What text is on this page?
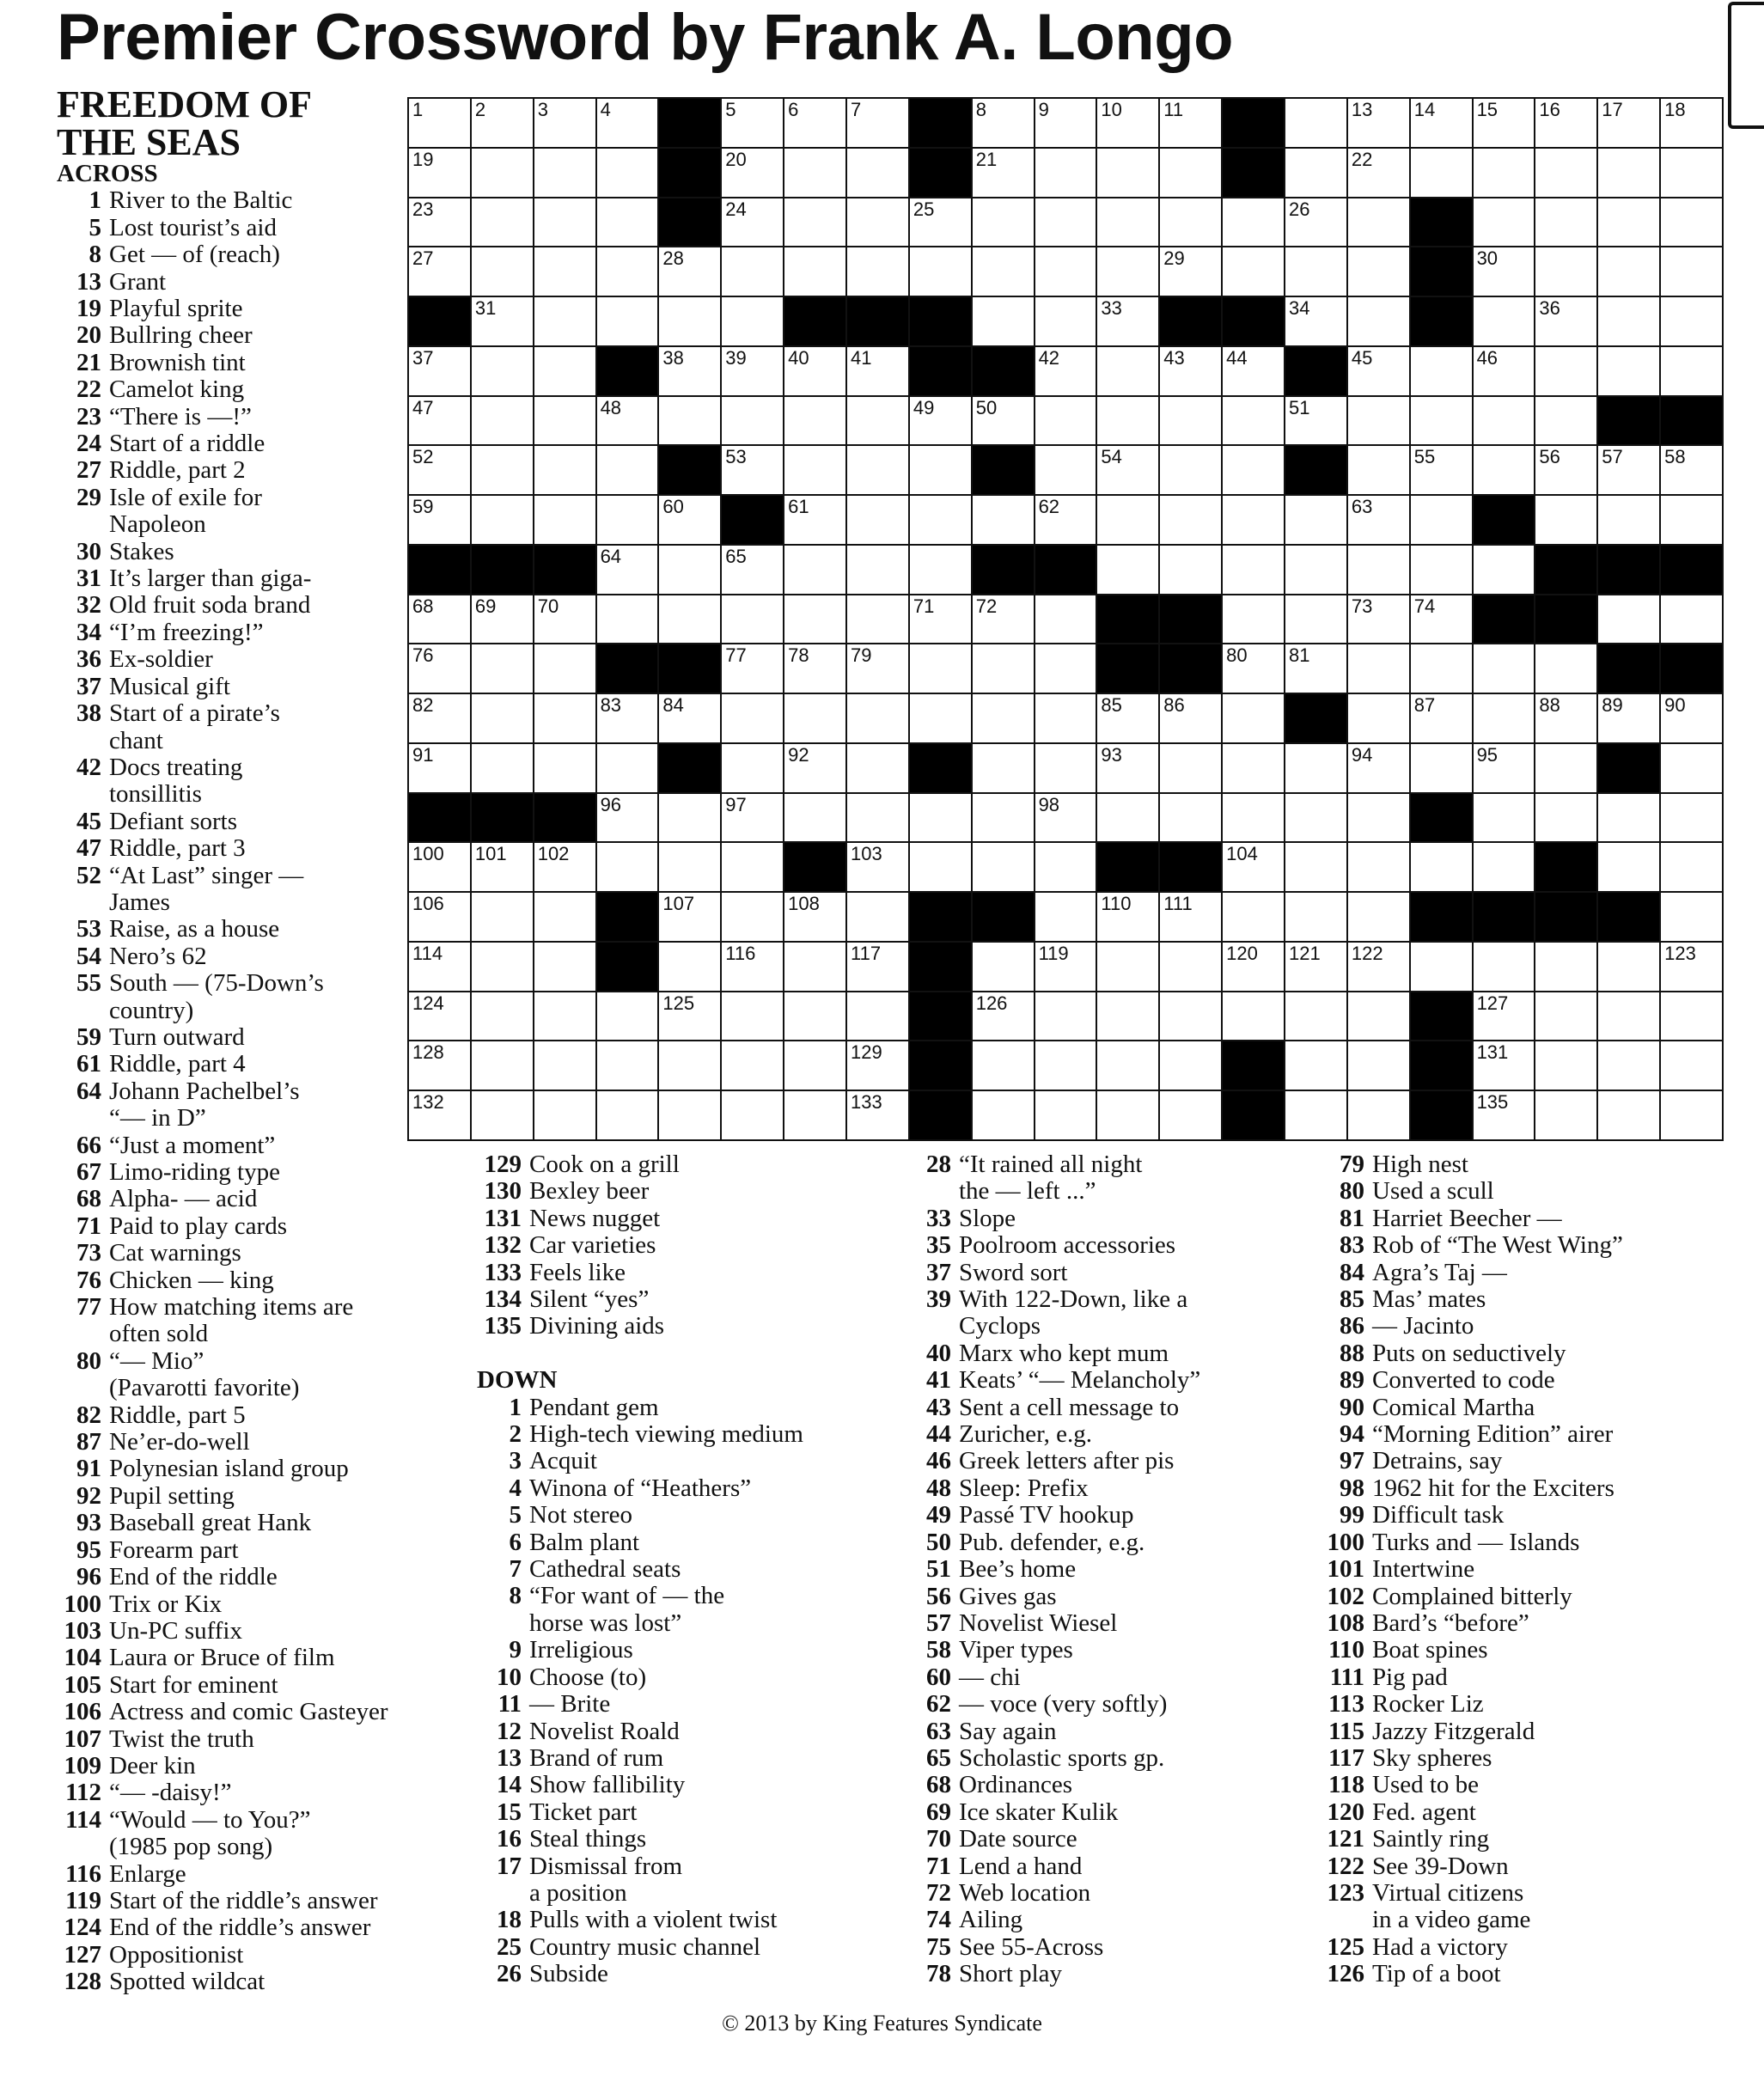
Premier Crossword by Frank A. Longo
FREEDOM OF THE SEAS
ACROSS
1 River to the Baltic
5 Lost tourist’s aid
8 Get — of (reach)
13 Grant
19 Playful sprite
20 Bullring cheer
21 Brownish tint
22 Camelot king
23 “There is —!”
24 Start of a riddle
27 Riddle, part 2
29 Isle of exile for
Napoleon
30 Stakes
31 It’s larger than giga-
32 Old fruit soda brand
34 “I’m freezing!”
36 Ex-soldier
37 Musical gift
38 Start of a pirate’s
chant
42 Docs treating
tonsillitis
45 Defiant sorts
47 Riddle, part 3
52 “At Last” singer —
James
53 Raise, as a house
54 Nero’s 62
55 South — (75-Down’s
country)
59 Turn outward
61 Riddle, part 4
64 Johann Pachelbel’s
“— in D”
66 “Just a moment”
67 Limo-riding type
68 Alpha- — acid
71 Paid to play cards
73 Cat warnings
76 Chicken — king
77 How matching items are
often sold
80 “— Mio”
(Pavarotti favorite)
82 Riddle, part 5
87 Ne’er-do-well
91 Polynesian island group
92 Pupil setting
93 Baseball great Hank
95 Forearm part
96 End of the riddle
100 Trix or Kix
103 Un-PC suffix
104 Laura or Bruce of film
105 Start for eminent
106 Actress and comic Gasteyer
107 Twist the truth
109 Deer kin
112 “— -daisy!”
114 “Would — to You?”
(1985 pop song)
116 Enlarge
119 Start of the riddle’s answer
124 End of the riddle’s answer
127 Oppositionist
128 Spotted wildcat
1	2	3	4	5	6	7	8	9	10 11	13 14 15 16 17 18
19	20	21	22
23	24	25	26
27	28	29	30
31	33	34	36
37	38 39 40 41	42	43 44	45	46
47	48	49 50	51
52	53	54	55	56 57 58
59	60	61	62	63
64	65
68 69 70	71 72	73 74
76	77 78 79	80 81
82	83 84	85 86	87	88 89 90
91	92	93	94	95
96	97	98
100 101 102	103	104
106	107	108	110 111
114	116	117	119	120 121 122	123
124	125	126	127
128	129	131
132	133	135
129 Cook on a grill
130 Bexley beer
131 News nugget
132 Car varieties
133 Feels like
134 Silent “yes”
135 Divining aids
DOWN
1 Pendant gem
2 High-tech viewing medium
3 Acquit
4 Winona of “Heathers”
5 Not stereo
6 Balm plant
7 Cathedral seats
8 “For want of — the
horse was lost”
9 Irreligious
10 Choose (to)
11 — Brite
12 Novelist Roald
13 Brand of rum
14 Show fallibility
15 Ticket part
16 Steal things
17 Dismissal from
a position
18 Pulls with a violent twist
25 Country music channel
26 Subside
28 “It rained all night
the — left ...”
33 Slope
35 Poolroom accessories
37 Sword sort
39 With 122-Down, like a
Cyclops
40 Marx who kept mum
41 Keats’ “— Melancholy”
43 Sent a cell message to
44 Zuricher, e.g.
46 Greek letters after pis
48 Sleep: Prefix
49 Passé TV hookup
50 Pub. defender, e.g.
51 Bee’s home
56 Gives gas
57 Novelist Wiesel
58 Viper types
60 — chi
62 — voce (very softly)
63 Say again
65 Scholastic sports gp.
68 Ordinances
69 Ice skater Kulik
70 Date source
71 Lend a hand
72 Web location
74 Ailing
75 See 55-Across
78 Short play
79 High nest
80 Used a scull
81 Harriet Beecher —
83 Rob of “The West Wing”
84 Agra’s Taj —
85 Mas’ mates
86 — Jacinto
88 Puts on seductively
89 Converted to code
90 Comical Martha
94 “Morning Edition” airer
97 Detrains, say
98 1962 hit for the Exciters
99 Difficult task
100 Turks and — Islands
101 Intertwine
102 Complained bitterly
108 Bard’s “before”
110 Boat spines
111 Pig pad
113 Rocker Liz
115 Jazzy Fitzgerald
117 Sky spheres
118 Used to be
120 Fed. agent
121 Saintly ring
122 See 39-Down
123 Virtual citizens
in a video game
125 Had a victory
126 Tip of a boot
© 2013 by King Features Syndicate
